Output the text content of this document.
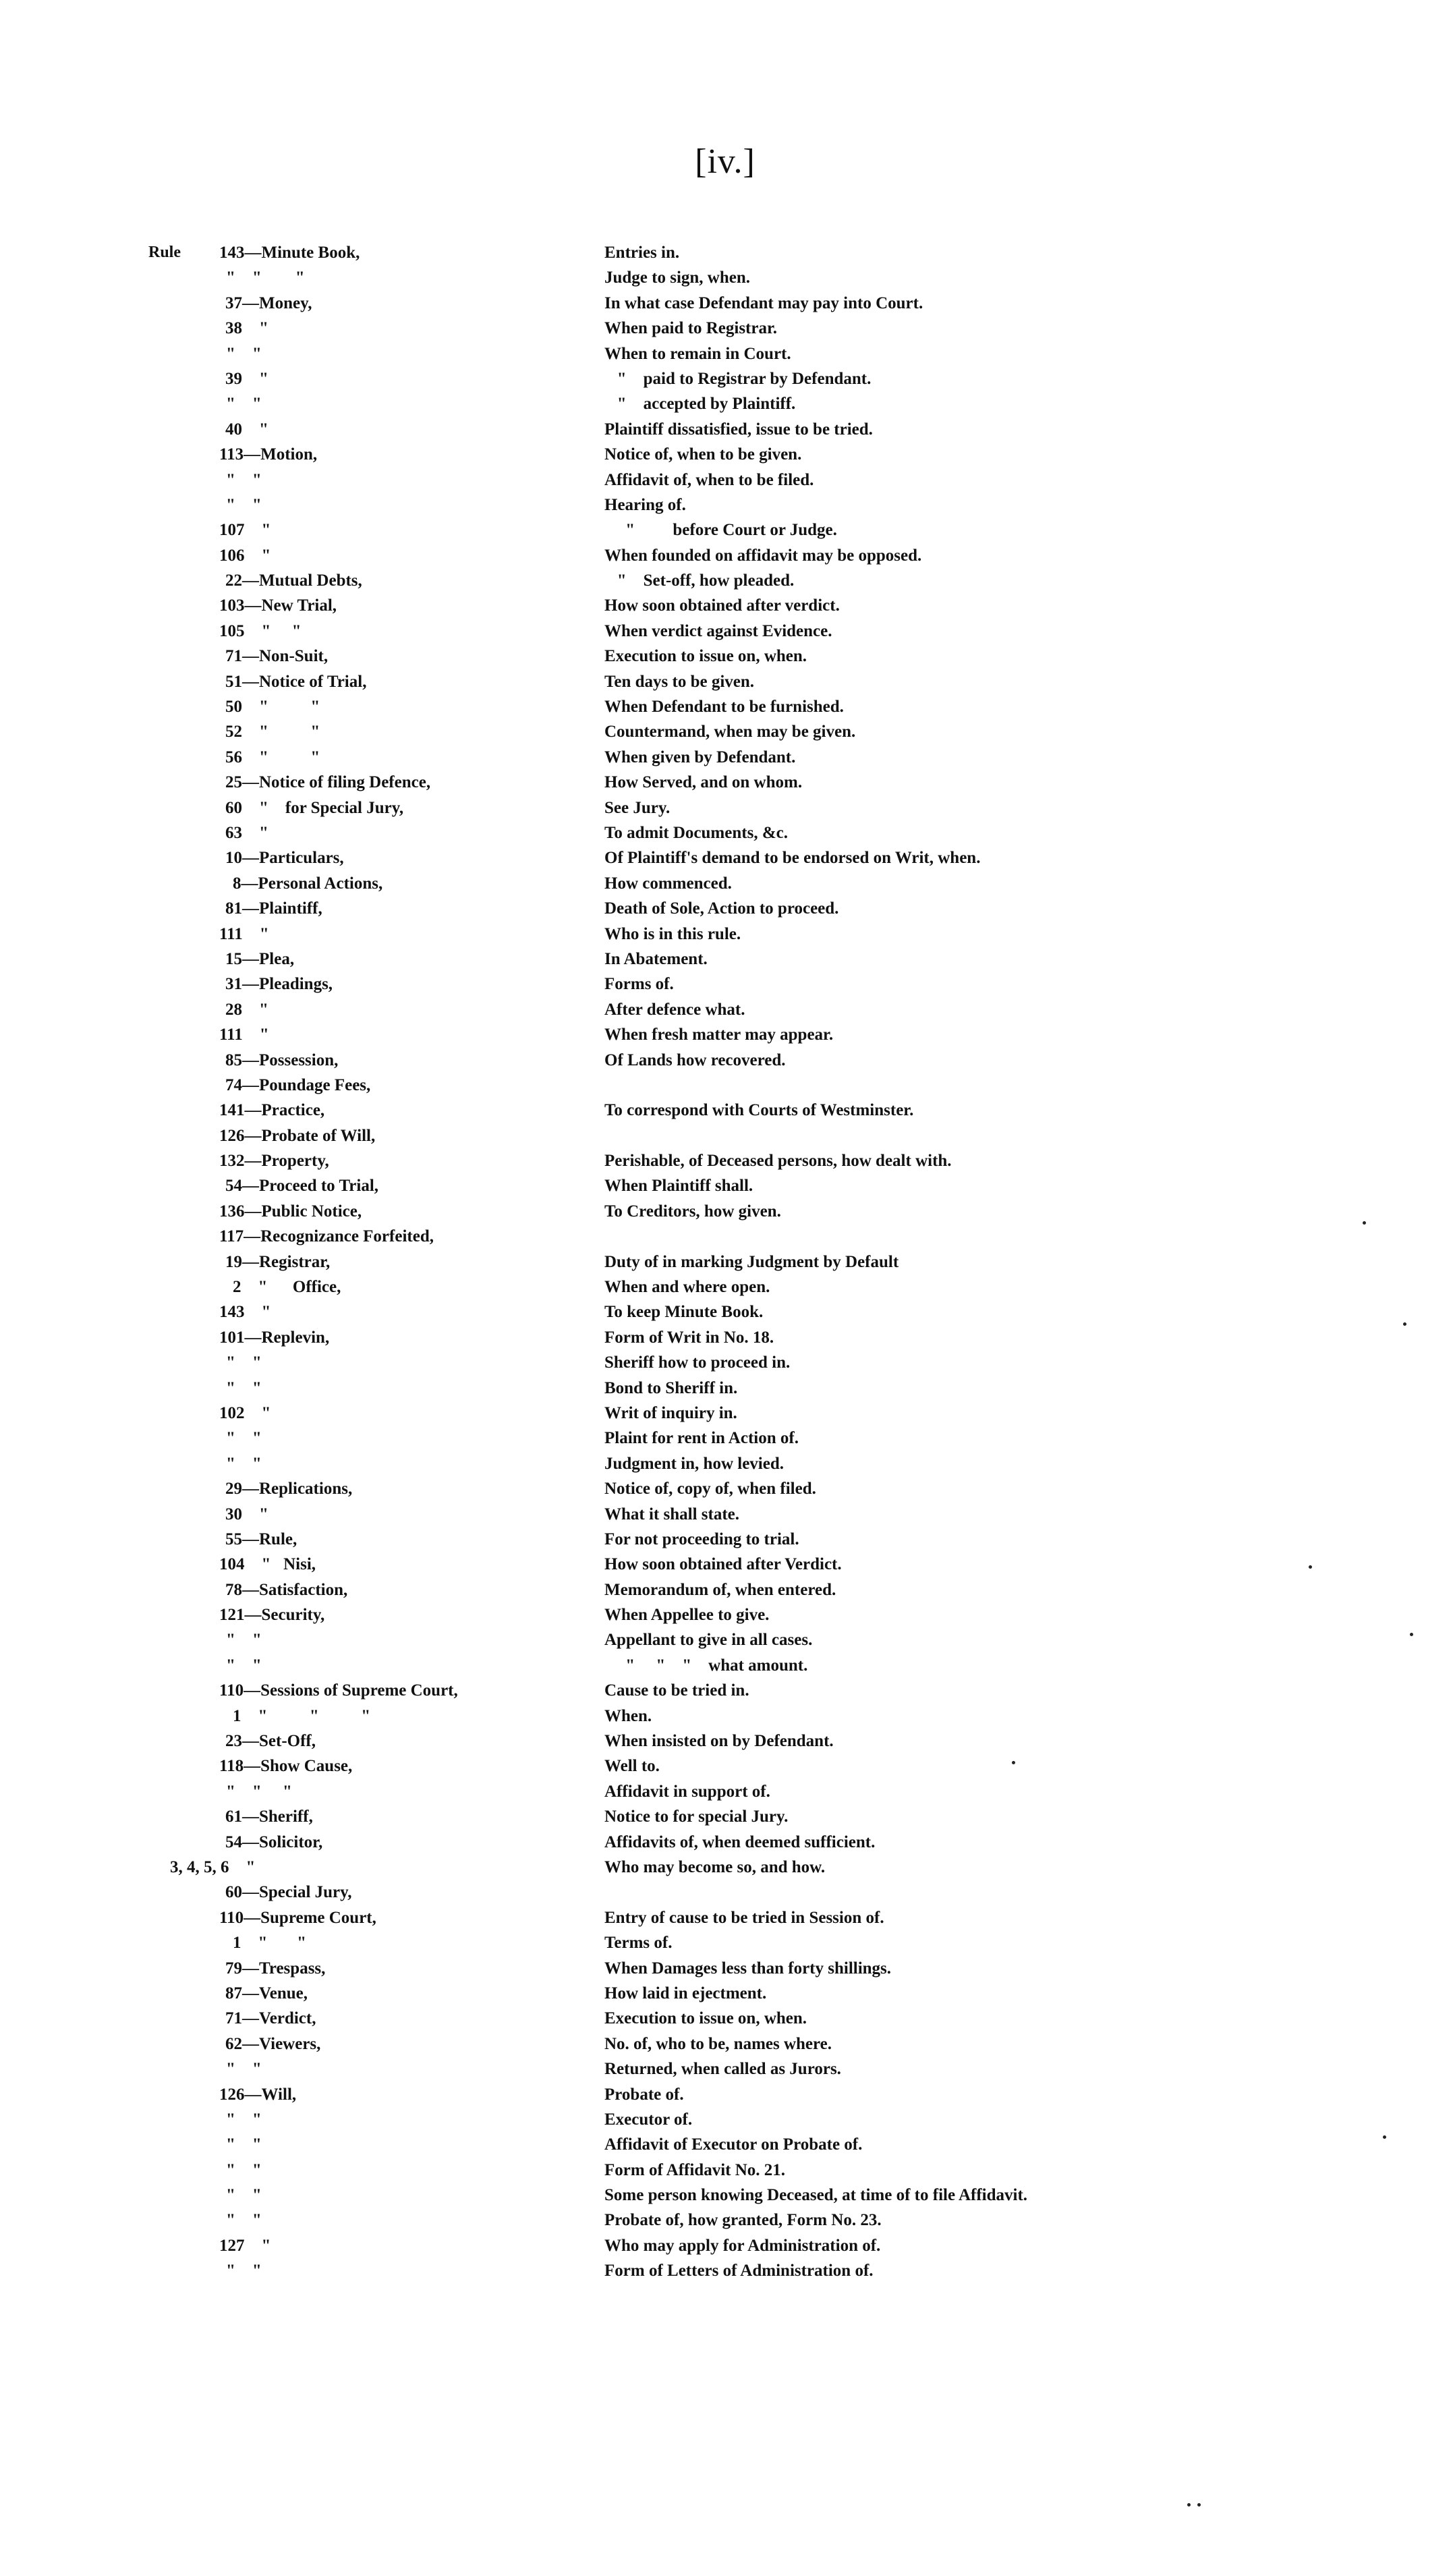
[iv.]
Rule 143—Minute Book,	Entries in.
"    "        "	Judge to sign, when.
37—Money,	In what case Defendant may pay into Court.
38    "	When paid to Registrar.
"    "	When to remain in Court.
39    "	"    paid to Registrar by Defendant.
"    "	"    accepted by Plaintiff.
40    "	Plaintiff dissatisfied, issue to be tried.
113—Motion,	Notice of, when to be given.
"    "	Affidavit of, when to be filed.
"    "	Hearing of.
107    "	"         before Court or Judge.
106    "	When founded on affidavit may be opposed.
22—Mutual Debts,	"    Set-off, how pleaded.
103—New Trial,	How soon obtained after verdict.
105    "     "	When verdict against Evidence.
71—Non-Suit,	Execution to issue on, when.
51—Notice of Trial,	Ten days to be given.
50    "          "	When Defendant to be furnished.
52    "          "	Countermand, when may be given.
56    "          "	When given by Defendant.
25—Notice of filing Defence,	How Served, and on whom.
60    "    for Special Jury,	See Jury.
63    "	To admit Documents, &c.
10—Particulars,	Of Plaintiff's demand to be endorsed on Writ, when.
8—Personal Actions,	How commenced.
81—Plaintiff,	Death of Sole, Action to proceed.
111    "	Who is in this rule.
15—Plea,	In Abatement.
31—Pleadings,	Forms of.
28    "	After defence what.
111    "	When fresh matter may appear.
85—Possession,	Of Lands how recovered.
74—Poundage Fees,
141—Practice,	To correspond with Courts of Westminster.
126—Probate of Will,
132—Property,	Perishable, of Deceased persons, how dealt with.
54—Proceed to Trial,	When Plaintiff shall.
136—Public Notice,	To Creditors, how given.
117—Recognizance Forfeited,
19—Registrar,	Duty of in marking Judgment by Default
2    "      Office,	When and where open.
143    "	To keep Minute Book.
101—Replevin,	Form of Writ in No. 18.
"    "	Sheriff how to proceed in.
"    "	Bond to Sheriff in.
102    "	Writ of inquiry in.
"    "	Plaint for rent in Action of.
"    "	Judgment in, how levied.
29—Replications,	Notice of, copy of, when filed.
30    "	What it shall state.
55—Rule,	For not proceeding to trial.
104    "   Nisi,	How soon obtained after Verdict.
78—Satisfaction,	Memorandum of, when entered.
121—Security,	When Appellee to give.
"    "	Appellant to give in all cases.
"    "	"     "    "    what amount.
110—Sessions of Supreme Court,	Cause to be tried in.
1    "          "          "	When.
23—Set-Off,	When insisted on by Defendant.
118—Show Cause,	Well to.
"    "     "	Affidavit in support of.
61—Sheriff,	Notice to for special Jury.
54—Solicitor,	Affidavits of, when deemed sufficient.
3, 4, 5, 6    "	Who may become so, and how.
60—Special Jury,
110—Supreme Court,	Entry of cause to be tried in Session of.
1    "       "	Terms of.
79—Trespass,	When Damages less than forty shillings.
87—Venue,	How laid in ejectment.
71—Verdict,	Execution to issue on, when.
62—Viewers,	No. of, who to be, names where.
"    "	Returned, when called as Jurors.
126—Will,	Probate of.
"    "	Executor of.
"    "	Affidavit of Executor on Probate of.
"    "	Form of Affidavit No. 21.
"    "	Some person knowing Deceased, at time of to file Affidavit.
"    "	Probate of, how granted, Form No. 23.
127    "	Who may apply for Administration of.
"    "	Form of Letters of Administration of.
